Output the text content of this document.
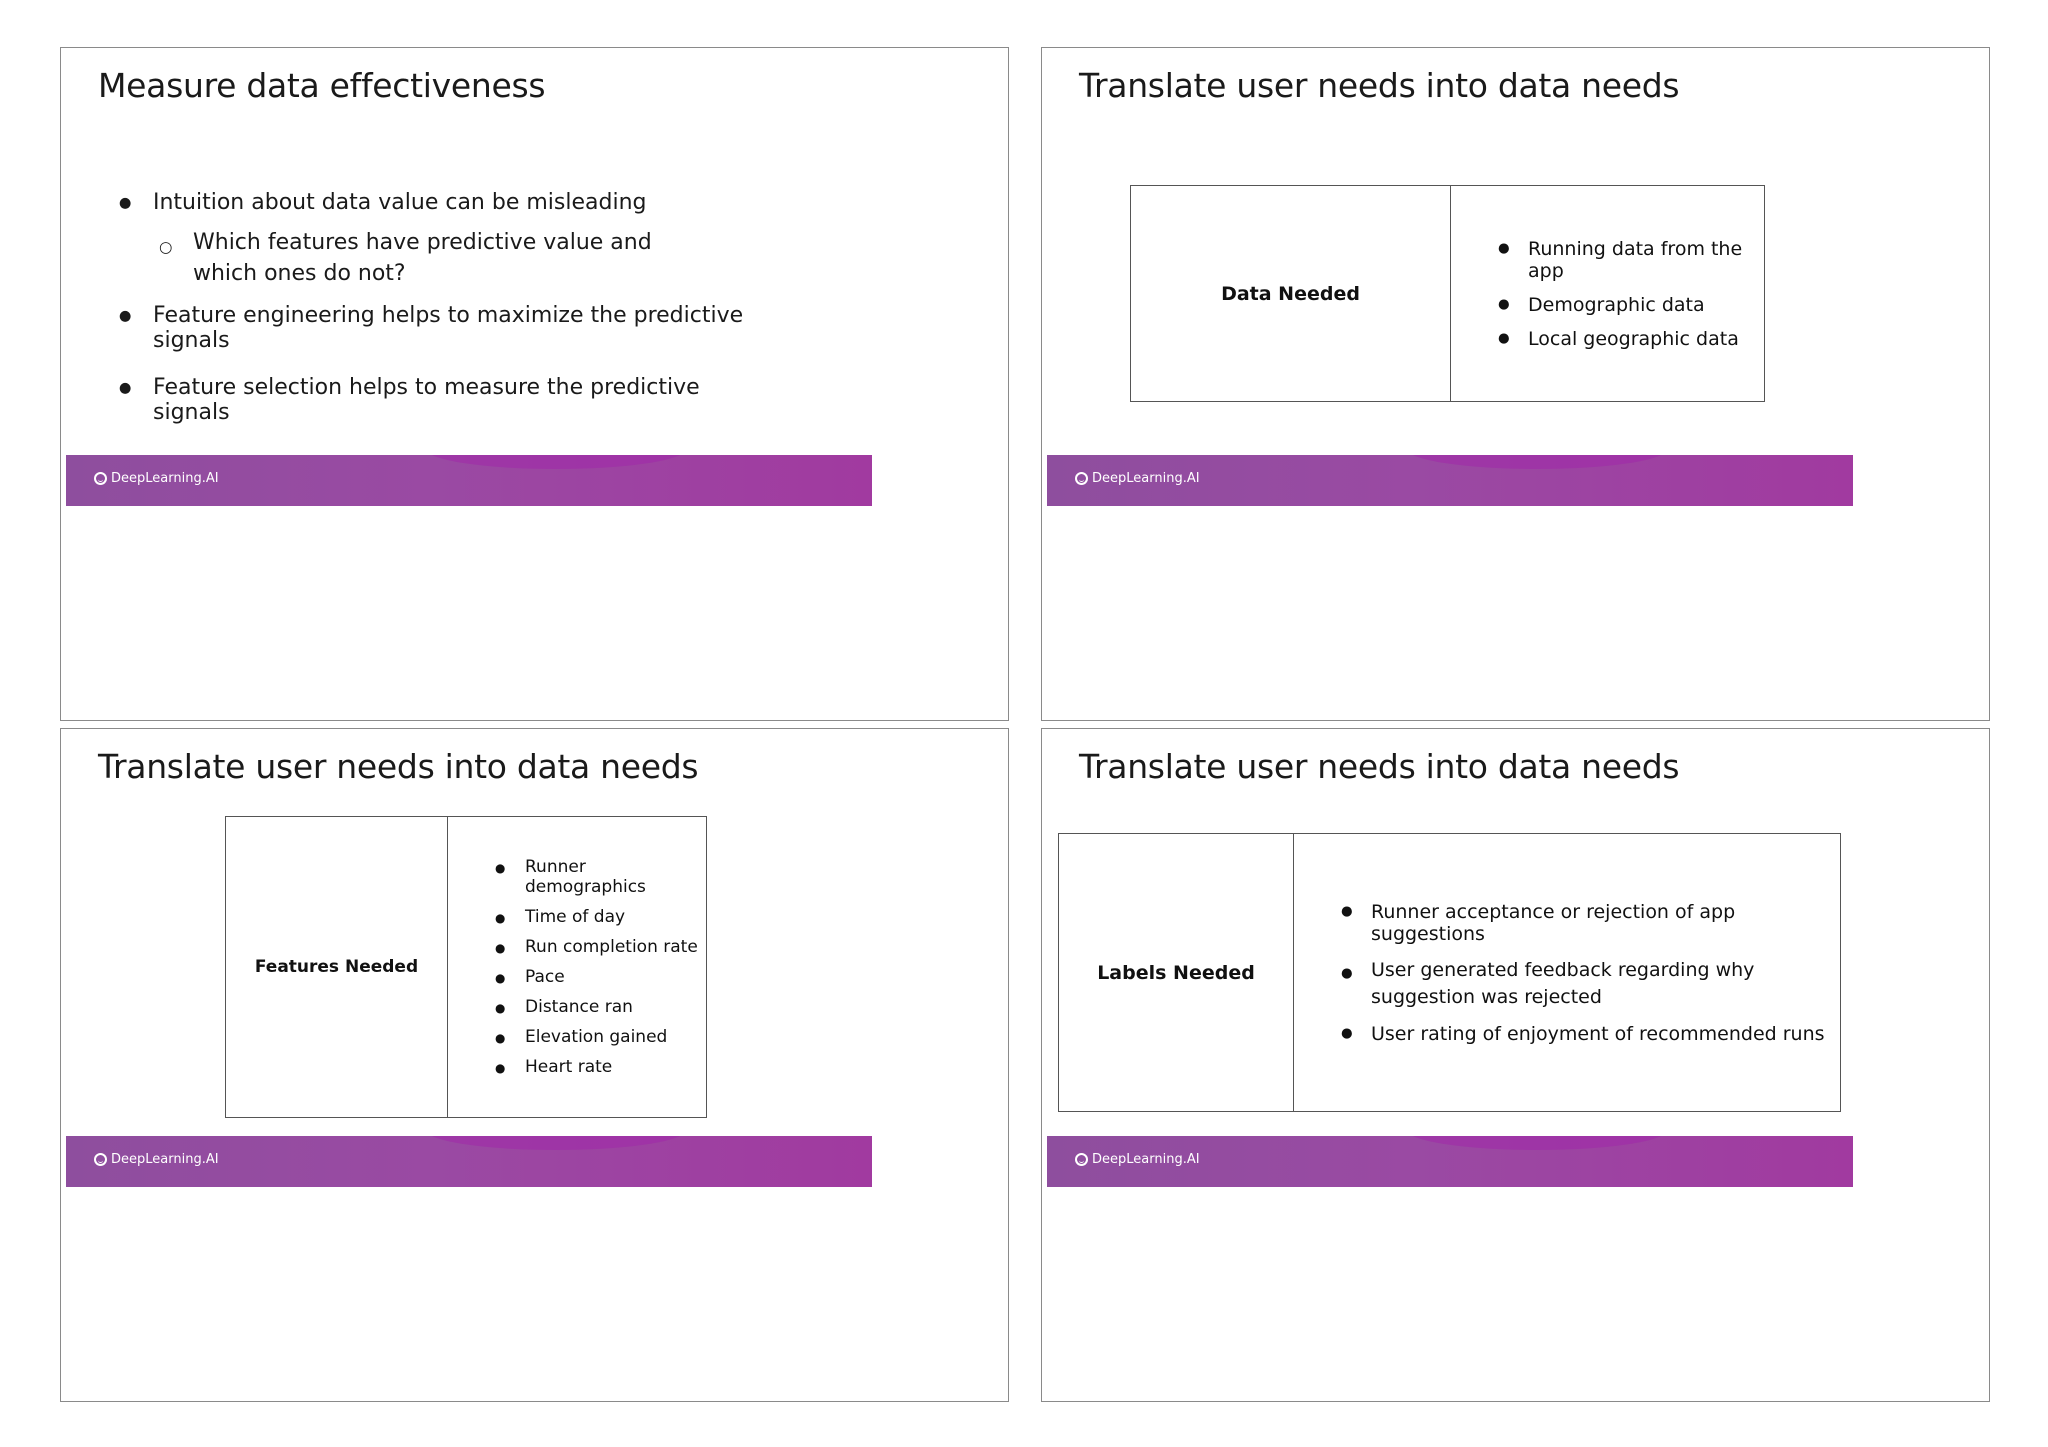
Measure data effectiveness
● Intuition about data value can be misleading
○ Which features have predictive value and which ones do not?
● Feature engineering helps to maximize the predictive signals
● Feature selection helps to measure the predictive signals
DeepLearning.AI
Translate user needs into data needs
Data Needed	
● Running data from the app
● Demographic data
● Local geographic data
DeepLearning.AI
Translate user needs into data needs
Features Needed	
● Runner demographics
● Time of day
● Run completion rate
● Pace
● Distance ran
● Elevation gained
● Heart rate
DeepLearning.AI
Translate user needs into data needs
Labels Needed	
● Runner acceptance or rejection of app suggestions
● User generated feedback regarding why suggestion was rejected
● User rating of enjoyment of recommended runs
DeepLearning.AI
